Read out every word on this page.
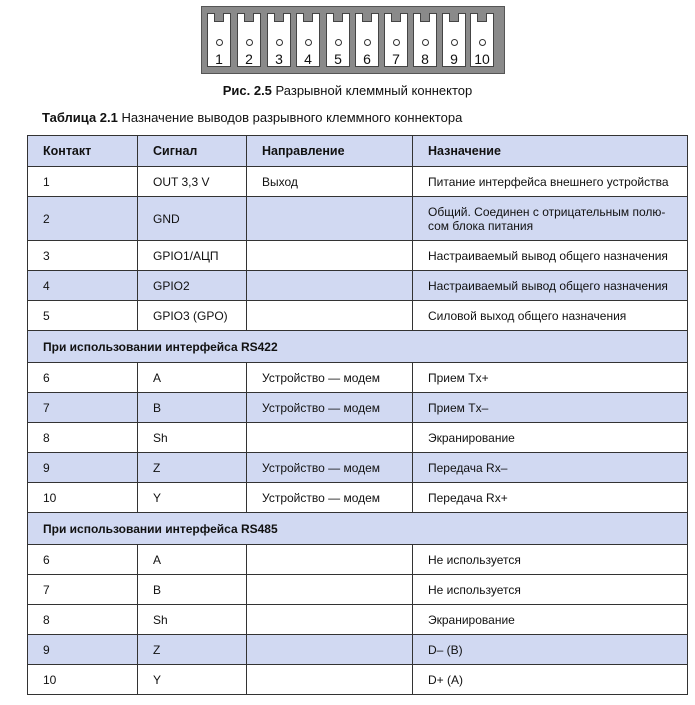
1	2	3	4	5	6	7	8	9	10
Рис. 2.5 Разрывной клеммный коннектор
Таблица 2.1 Назначение выводов разрывного клеммного коннектора
Контакт	Сигнал	Направление	Назначение
1	OUT 3,3 V	Выход	Питание интерфейса внешнего устройства
2	GND		Общий. Соединен с отрицательным полю-
сом блока питания
3	GPIO1/АЦП		Настраиваемый вывод общего назначения
4	GPIO2		Настраиваемый вывод общего назначения
5	GPIO3 (GPO)		Силовой выход общего назначения
При использовании интерфейса RS422			
6	A	Устройство — модем	Прием Tx+
7	B	Устройство — модем	Прием Tx–
8	Sh		Экранирование
9	Z	Устройство — модем	Передача Rx–
10	Y	Устройство — модем	Передача Rx+
При использовании интерфейса RS485			
6	A		Не используется
7	B		Не используется
8	Sh		Экранирование
9	Z		D– (B)
10	Y		D+ (A)
